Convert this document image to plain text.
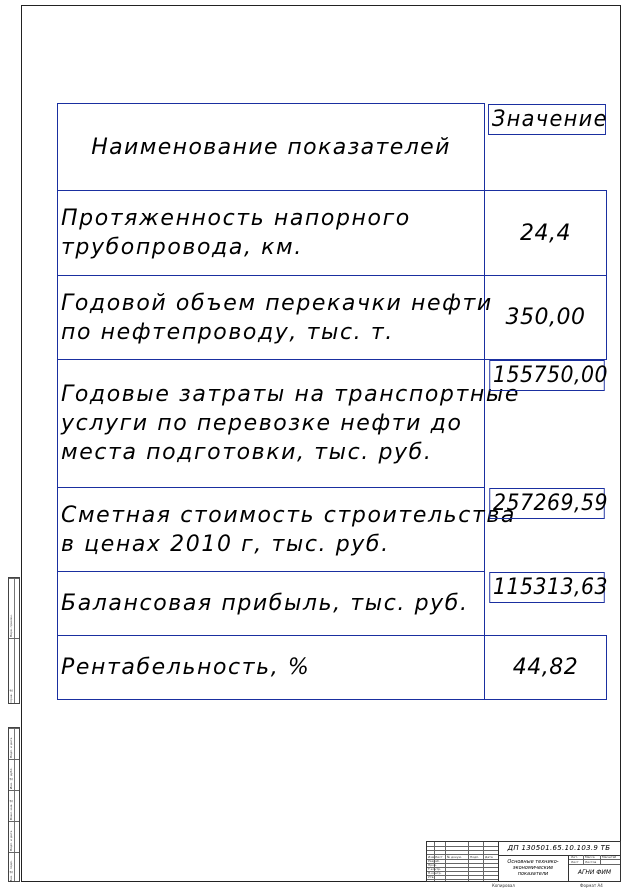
Перв. примен.
Справ. №
Подп. и дата
Инв. № дубл.
Взам. инв. №
Подп. и дата
Инв. № подл.
Наименование показателей	Значение

Протяженность напорного
трубопровода, км.	24,4

Годовой объем перекачки нефти
по нефтепроводу, тыс. т.	350,00

Годовые затраты на транспортные
услуги по перевозке нефти до
места подготовки, тыс. руб.
	155750,00

Сметная стоимость строительства
в ценах 2010 г, тыс. руб.
	257269,59

Балансовая прибыль, тыс. руб.
	115313,63

Рентабельность, %	44,82
Изм. Лист № докум.	Подп. Дата
Разраб.
Пров.
Т.контр.
Н.контр.
Утв.
ДП 130501.65.10.103.9 ТБ
Основные технико-экономические показатели
Лит. Масса Масштаб
Лист Листов
АГНИ ФИМ
Копировал	Формат А4
